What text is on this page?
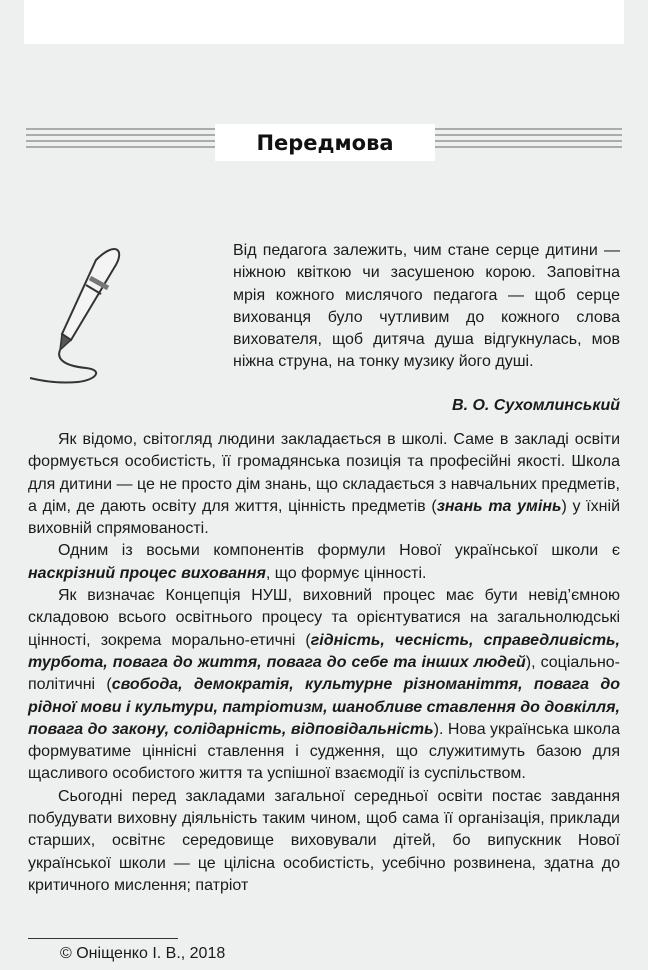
Передмова

Від педагога залежить, чим стане серце дитини — ніжною квіткою чи засушеною корою. Заповітна мрія кожного мислячого педагога — щоб серце вихованця було чутливим до кожного слова вихователя, щоб дитяча душа відгукнулась, мов ніжна струна, на тонку музику його душі.

В. О. Сухомлинський

Як відомо, світогляд людини закладається в школі. Саме в закладі освіти формується особистість, її громадянська позиція та професійні якості. Школа для дитини — це не просто дім знань, що складається з навчальних предметів, а дім, де дають освіту для життя, цінність предметів (знань та умінь) у їхній виховній спрямованості.

Одним із восьми компонентів формули Нової української школи є наскрізний процес виховання, що формує цінності.

Як визначає Концепція НУШ, виховний процес має бути невід’ємною складовою всього освітнього процесу та орієнтуватися на загальнолюдські цінності, зокрема морально-етичні (гідність, чесність, справедливість, турбота, повага до життя, повага до себе та інших людей), соціально-політичні (свобода, демократія, культурне різноманіття, повага до рідної мови і культури, патріотизм, шанобливе ставлення до довкілля, повага до закону, солідарність, відповідальність). Нова українська школа формуватиме ціннісні ставлення і судження, що служитимуть базою для щасливого особистого життя та успішної взаємодії із суспільством.

Сьогодні перед закладами загальної середньої освіти постає завдання побудувати виховну діяльність таким чином, щоб сама її організація, приклади старших, освітнє середовище виховували дітей, бо випускник Нової української школи — це цілісна особистість, усебічно розвинена, здатна до критичного мислення; патріот

© Оніщенко І. В., 2018
